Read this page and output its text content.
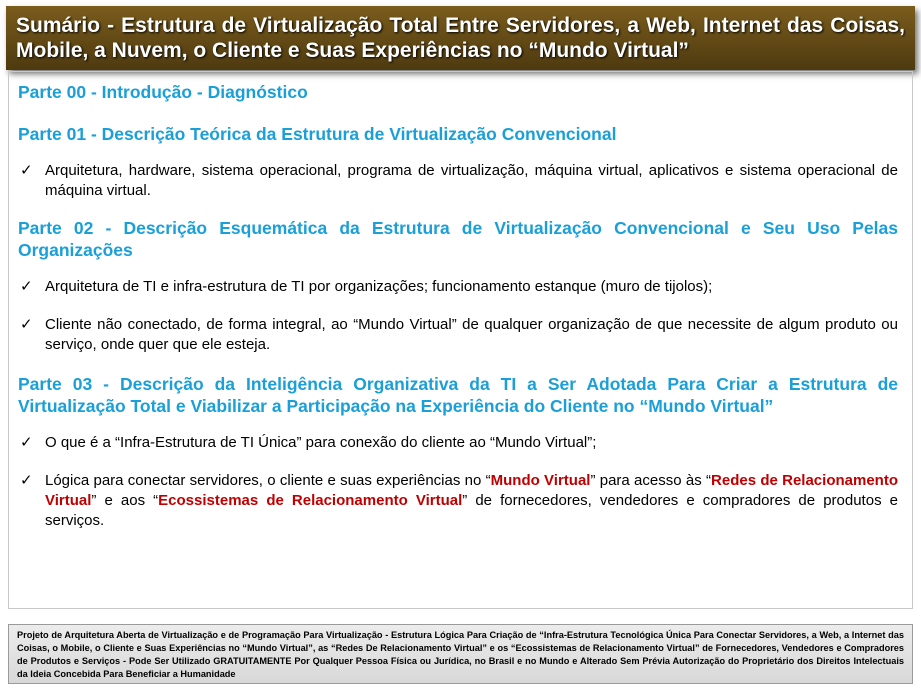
Sumário - Estrutura de Virtualização Total Entre Servidores, a Web, Internet das Coisas, Mobile, a Nuvem, o Cliente e Suas Experiências no “Mundo Virtual”
Parte 00 - Introdução - Diagnóstico
Parte 01 - Descrição Teórica da Estrutura de Virtualização Convencional
✓ Arquitetura, hardware, sistema operacional, programa de virtualização, máquina virtual, aplicativos e sistema operacional de máquina virtual.
Parte 02 - Descrição Esquemática da Estrutura de Virtualização Convencional e Seu Uso Pelas Organizações
✓ Arquitetura de TI e infra-estrutura de TI por organizações; funcionamento estanque (muro de tijolos);
✓ Cliente não conectado, de forma integral, ao “Mundo Virtual” de qualquer organização de que necessite de algum produto ou serviço, onde quer que ele esteja.
Parte 03 - Descrição da Inteligência Organizativa da TI a Ser Adotada Para Criar a Estrutura de Virtualização Total e Viabilizar a Participação na Experiência do Cliente no “Mundo Virtual”
✓ O que é a “Infra-Estrutura de TI Única” para conexão do cliente ao “Mundo Virtual”;
✓ Lógica para conectar servidores, o cliente e suas experiências no “Mundo Virtual” para acesso às “Redes de Relacionamento Virtual” e aos “Ecossistemas de Relacionamento Virtual” de fornecedores, vendedores e compradores de produtos e serviços.
Projeto de Arquitetura Aberta de Virtualização e de Programação Para Virtualização - Estrutura Lógica Para Criação de “Infra-Estrutura Tecnológica Única Para Conectar Servidores, a Web, a Internet das Coisas, o Mobile, o Cliente e Suas Experiências no “Mundo Virtual”, as “Redes De Relacionamento Virtual” e os “Ecossistemas de Relacionamento Virtual” de Fornecedores, Vendedores e Compradores de Produtos e Serviços - Pode Ser Utilizado GRATUITAMENTE Por Qualquer Pessoa Física ou Jurídica, no Brasil e no Mundo e Alterado Sem Prévia Autorização do Proprietário dos Direitos Intelectuais da Ideia Concebida Para Beneficiar a Humanidade
